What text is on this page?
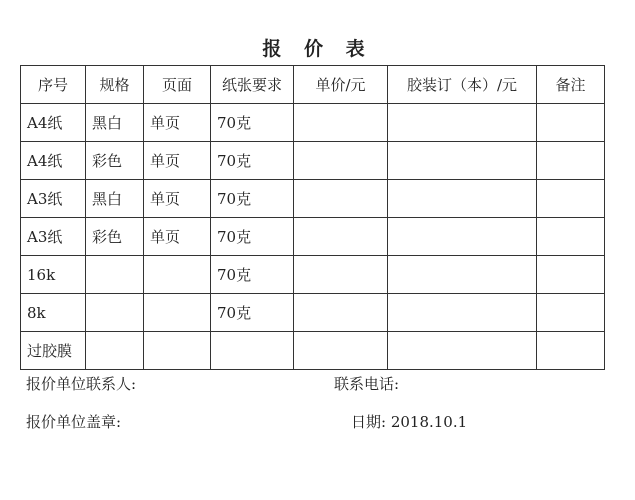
报 价 表
序号	规格	页面	纸张要求	单价/元	胶装订（本）/元	备注
A4纸	黑白	单页	70克			
A4纸	彩色	单页	70克			
A3纸	黑白	单页	70克			
A3纸	彩色	单页	70克			
16k			70克			
8k			70克			
过胶膜						
报价单位联系人:	联系电话:
报价单位盖章:	日期: 2018.10.1
